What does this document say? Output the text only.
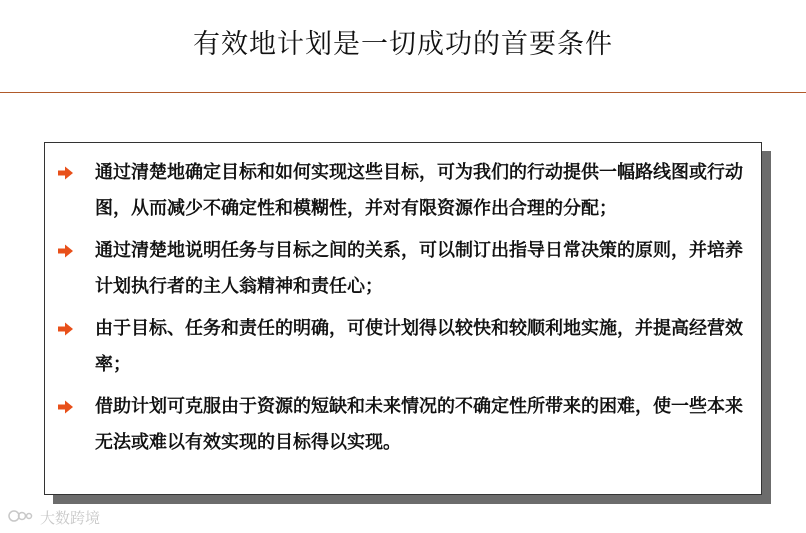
有效地计划是一切成功的首要条件
通过清楚地确定目标和如何实现这些目标，可为我们的行动提供一幅路线图或行动图，从而减少不确定性和模糊性，并对有限资源作出合理的分配；
通过清楚地说明任务与目标之间的关系，可以制订出指导日常决策的原则，并培养计划执行者的主人翁精神和责任心；
由于目标、任务和责任的明确，可使计划得以较快和较顺利地实施，并提高经营效率；
借助计划可克服由于资源的短缺和未来情况的不确定性所带来的困难，使一些本来无法或难以有效实现的目标得以实现。
大数跨境
